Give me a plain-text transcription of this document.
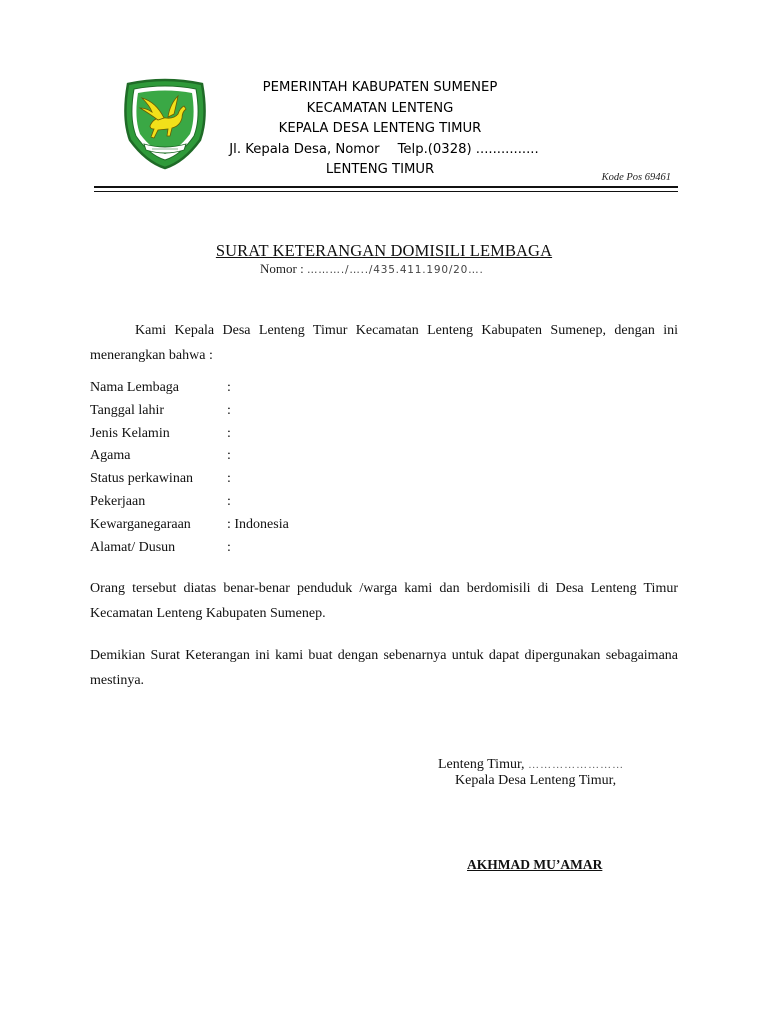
PEMERINTAH KABUPATEN SUMENEP
KECAMATAN LENTENG
KEPALA DESA LENTENG TIMUR
Jl. Kepala Desa, Nomor Telp.(0328) ...............
LENTENG TIMUR
Kode Pos 69461
SURAT KETERANGAN DOMISILI LEMBAGA
Nomor : ………./…../435.411.190/20….
Kami Kepala Desa Lenteng Timur Kecamatan Lenteng Kabupaten Sumenep, dengan ini menerangkan bahwa :
Nama Lembaga	:
Tanggal lahir	:
Jenis Kelamin	:
Agama	:
Status perkawinan :
Pekerjaan	:
Kewarganegaraan	: Indonesia
Alamat/ Dusun	:
Orang tersebut diatas benar-benar penduduk /warga kami dan berdomisili di Desa Lenteng Timur Kecamatan Lenteng Kabupaten Sumenep.
Demikian Surat Keterangan ini kami buat dengan sebenarnya untuk dapat dipergunakan sebagaimana mestinya.
Lenteng Timur, ……………………
Kepala Desa Lenteng Timur,
AKHMAD MU’AMAR
